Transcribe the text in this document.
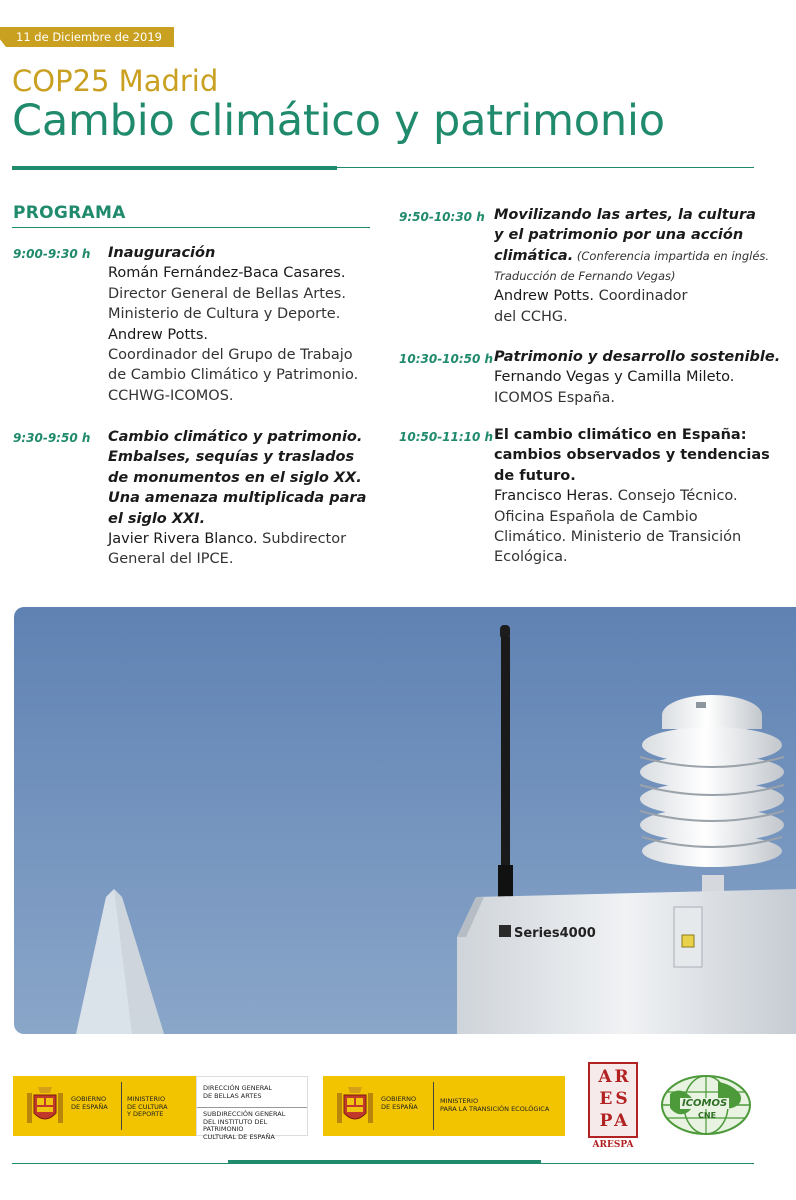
11 de Diciembre de 2019
COP25 Madrid
Cambio climático y patrimonio
PROGRAMA
9:00-9:30 h Inauguración
Román Fernández-Baca Casares.
Director General de Bellas Artes.
Ministerio de Cultura y Deporte.
Andrew Potts.
Coordinador del Grupo de Trabajo
de Cambio Climático y Patrimonio.
CCHWG-ICOMOS.
9:30-9:50 h Cambio climático y patrimonio.
Embalses, sequías y traslados
de monumentos en el siglo XX.
Una amenaza multiplicada para
el siglo XXI.
Javier Rivera Blanco. Subdirector
General del IPCE.
9:50-10:30 h Movilizando las artes, la cultura
y el patrimonio por una acción
climática. (Conferencia impartida en inglés.
Traducción de Fernando Vegas)
Andrew Potts. Coordinador
del CCHG.
10:30-10:50 h Patrimonio y desarrollo sostenible.
Fernando Vegas y Camilla Mileto.
ICOMOS España.
10:50-11:10 h El cambio climático en España:
cambios observados y tendencias
de futuro.
Francisco Heras. Consejo Técnico.
Oficina Española de Cambio
Climático. Ministerio de Transición
Ecológica.
Series4000
GOBIERNO
DE ESPAÑA
MINISTERIO
DE CULTURA
Y DEPORTE
DIRECCIÓN GENERAL
DE BELLAS ARTES
SUBDIRECCIÓN GENERAL
DEL INSTITUTO DEL PATRIMONIO
CULTURAL DE ESPAÑA
GOBIERNO
DE ESPAÑA
MINISTERIO
PARA LA TRANSICIÓN ECOLÓGICA
AR
ES
PA
ARESPA
ICOMOS
CNE
